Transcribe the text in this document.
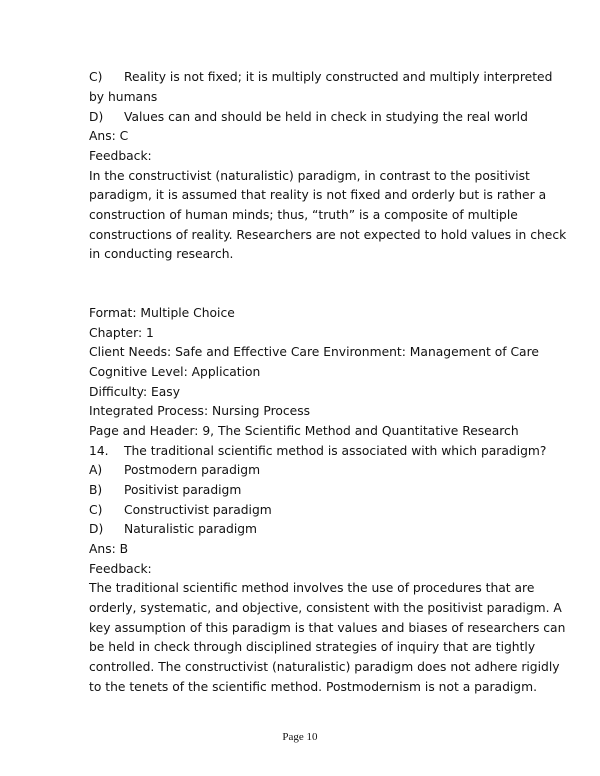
C) Reality is not fixed; it is multiply constructed and multiply interpreted
by humans
D) Values can and should be held in check in studying the real world
Ans: C
Feedback:
In the constructivist (naturalistic) paradigm, in contrast to the positivist
paradigm, it is assumed that reality is not fixed and orderly but is rather a
construction of human minds; thus, “truth” is a composite of multiple
constructions of reality. Researchers are not expected to hold values in check
in conducting research.
Format: Multiple Choice
Chapter: 1
Client Needs: Safe and Effective Care Environment: Management of Care
Cognitive Level: Application
Difficulty: Easy
Integrated Process: Nursing Process
Page and Header: 9, The Scientific Method and Quantitative Research
14. The traditional scientific method is associated with which paradigm?
A) Postmodern paradigm
B) Positivist paradigm
C) Constructivist paradigm
D) Naturalistic paradigm
Ans: B
Feedback:
The traditional scientific method involves the use of procedures that are
orderly, systematic, and objective, consistent with the positivist paradigm. A
key assumption of this paradigm is that values and biases of researchers can
be held in check through disciplined strategies of inquiry that are tightly
controlled. The constructivist (naturalistic) paradigm does not adhere rigidly
to the tenets of the scientific method. Postmodernism is not a paradigm.
Page 10
